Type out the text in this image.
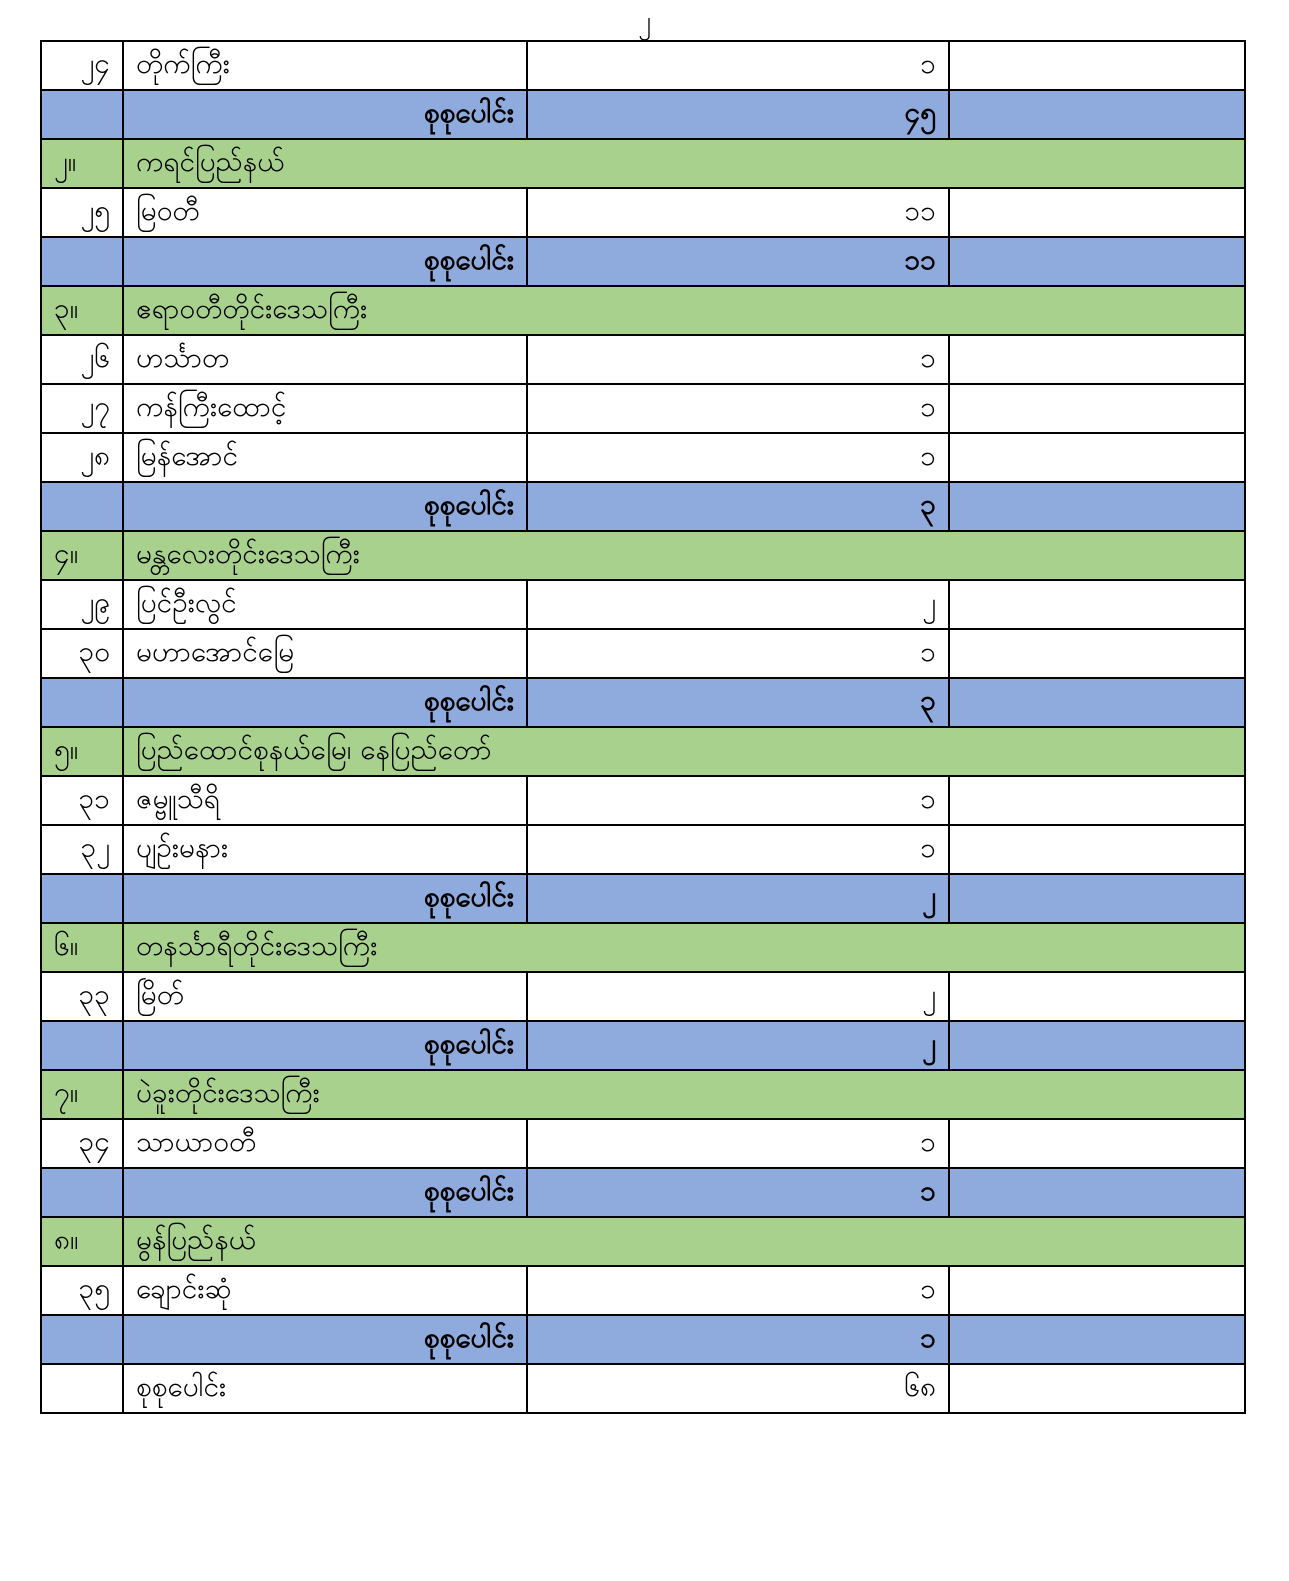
၂
၂၄	တိုက်ကြီး	၁	
	စုစုပေါင်း	၄၅	
၂။	ကရင်ပြည်နယ်		
၂၅	မြဝတီ	၁၁	
	စုစုပေါင်း	၁၁	
၃။	ဧရာဝတီတိုင်းဒေသကြီး		
၂၆	ဟင်္သာတ	၁	
၂၇	ကန်ကြီးထောင့်	၁	
၂၈	မြန်အောင်	၁	
	စုစုပေါင်း	၃	
၄။	မန္တလေးတိုင်းဒေသကြီး		
၂၉	ပြင်ဦးလွင်	၂	
၃၀	မဟာအောင်မြေ	၁	
	စုစုပေါင်း	၃	
၅။	ပြည်ထောင်စုနယ်မြေ၊ နေပြည်တော်		
၃၁	ဇမ္ဗူသီရိ	၁	
၃၂	ပျဉ်းမနား	၁	
	စုစုပေါင်း	၂	
၆။	တနင်္သာရီတိုင်းဒေသကြီး		
၃၃	မြိတ်	၂	
	စုစုပေါင်း	၂	
၇။	ပဲခူးတိုင်းဒေသကြီး		
၃၄	သာယာဝတီ	၁	
	စုစုပေါင်း	၁	
၈။	မွန်ပြည်နယ်		
၃၅	ချောင်းဆုံ	၁	
	စုစုပေါင်း	၁	
	စုစုပေါင်း	၆၈	
